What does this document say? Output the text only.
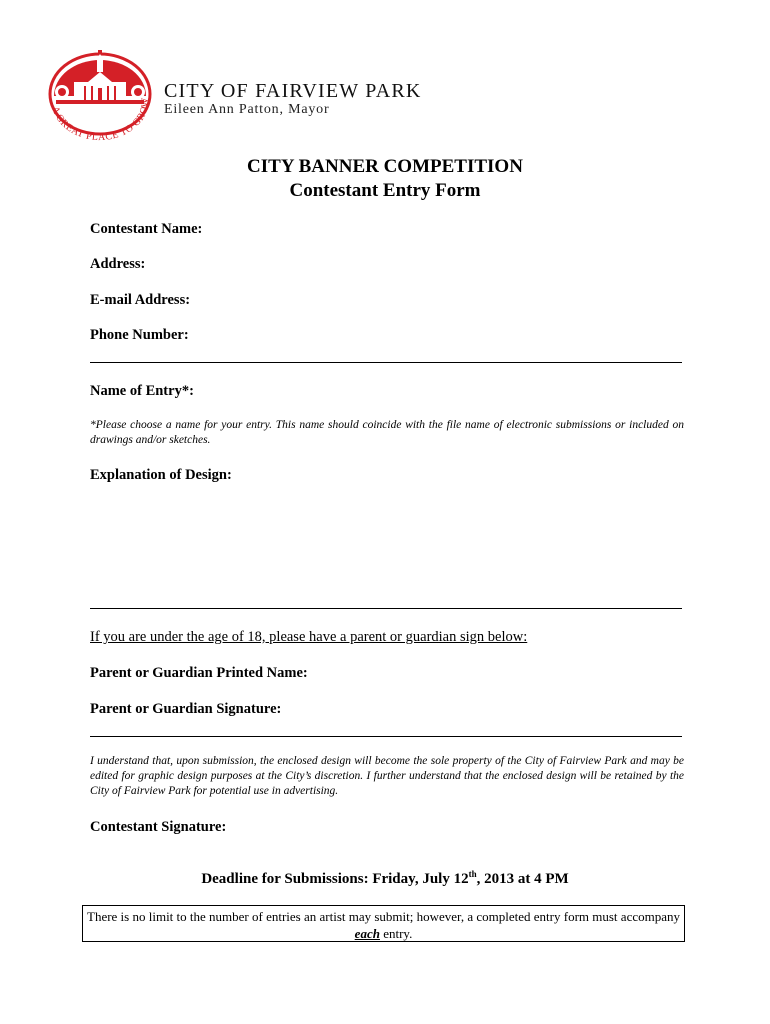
A GREAT PLACE TO GROW
CITY OF FAIRVIEW PARK
Eileen Ann Patton, Mayor
CITY BANNER COMPETITION
Contestant Entry Form
Contestant Name:
Address:
E-mail Address:
Phone Number:
Name of Entry*:
*Please choose a name for your entry. This name should coincide with the file name of electronic submissions or included on drawings and/or sketches.
Explanation of Design:
If you are under the age of 18, please have a parent or guardian sign below:
Parent or Guardian Printed Name:
Parent or Guardian Signature:
I understand that, upon submission, the enclosed design will become the sole property of the City of Fairview Park and may be edited for graphic design purposes at the City’s discretion. I further understand that the enclosed design will be retained by the City of Fairview Park for potential use in advertising.
Contestant Signature:
Deadline for Submissions: Friday, July 12th, 2013 at 4 PM
There is no limit to the number of entries an artist may submit; however, a completed entry form must accompany each entry.
